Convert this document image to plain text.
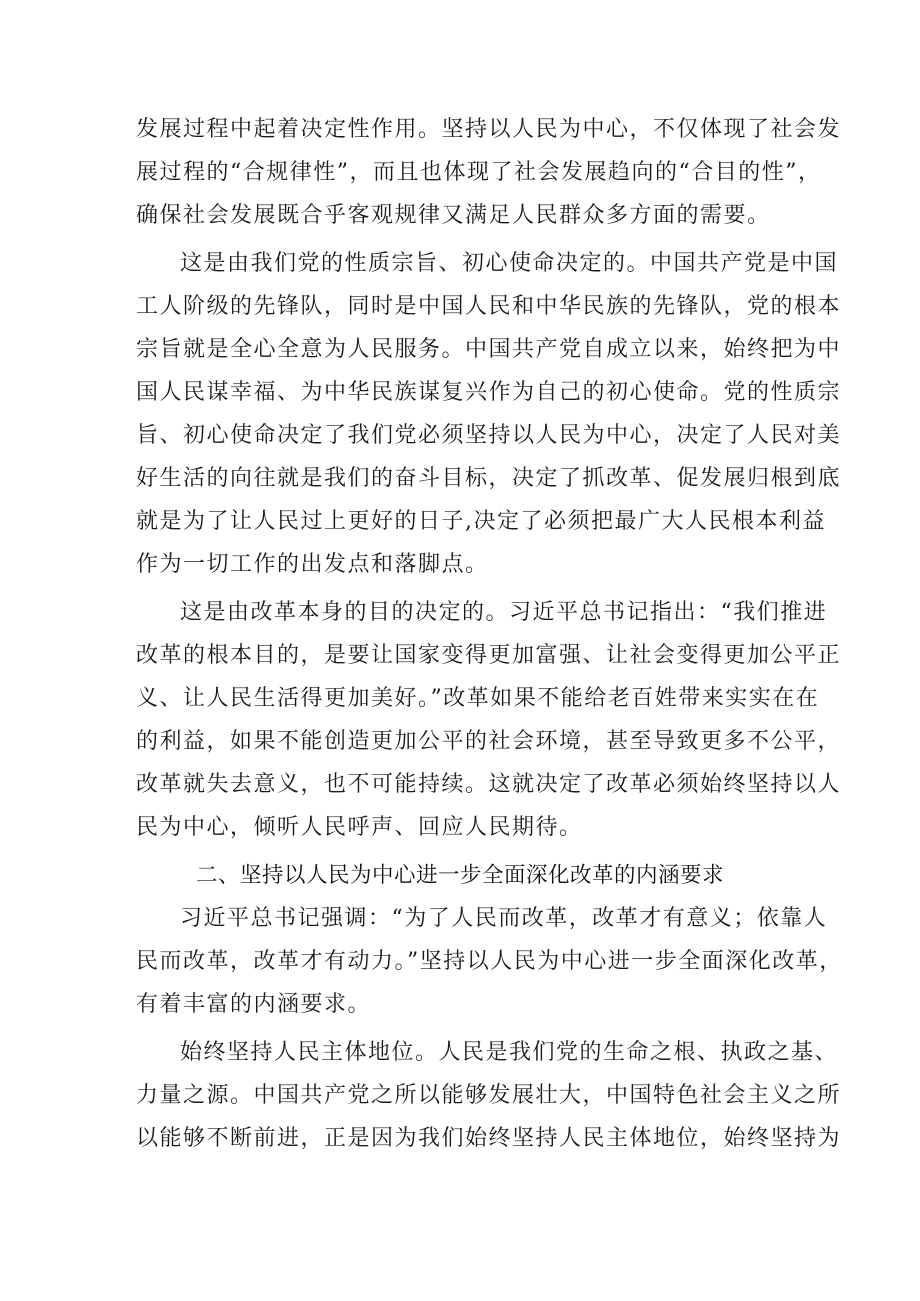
发展过程中起着决定性作用。坚持以人民为中心，不仅体现了社会发
展过程的“合规律性”，而且也体现了社会发展趋向的“合目的性”，
确保社会发展既合乎客观规律又满足人民群众多方面的需要。
这是由我们党的性质宗旨、初心使命决定的。中国共产党是中国
工人阶级的先锋队，同时是中国人民和中华民族的先锋队，党的根本
宗旨就是全心全意为人民服务。中国共产党自成立以来，始终把为中
国人民谋幸福、为中华民族谋复兴作为自己的初心使命。党的性质宗
旨、初心使命决定了我们党必须坚持以人民为中心，决定了人民对美
好生活的向往就是我们的奋斗目标，决定了抓改革、促发展归根到底
就是为了让人民过上更好的日子,决定了必须把最广大人民根本利益
作为一切工作的出发点和落脚点。
这是由改革本身的目的决定的。习近平总书记指出：“我们推进
改革的根本目的，是要让国家变得更加富强、让社会变得更加公平正
义、让人民生活得更加美好。”改革如果不能给老百姓带来实实在在
的利益，如果不能创造更加公平的社会环境，甚至导致更多不公平，
改革就失去意义，也不可能持续。这就决定了改革必须始终坚持以人
民为中心，倾听人民呼声、回应人民期待。
二、坚持以人民为中心进一步全面深化改革的内涵要求
习近平总书记强调：“为了人民而改革，改革才有意义；依靠人
民而改革，改革才有动力。”坚持以人民为中心进一步全面深化改革，
有着丰富的内涵要求。
始终坚持人民主体地位。人民是我们党的生命之根、执政之基、
力量之源。中国共产党之所以能够发展壮大，中国特色社会主义之所
以能够不断前进，正是因为我们始终坚持人民主体地位，始终坚持为
